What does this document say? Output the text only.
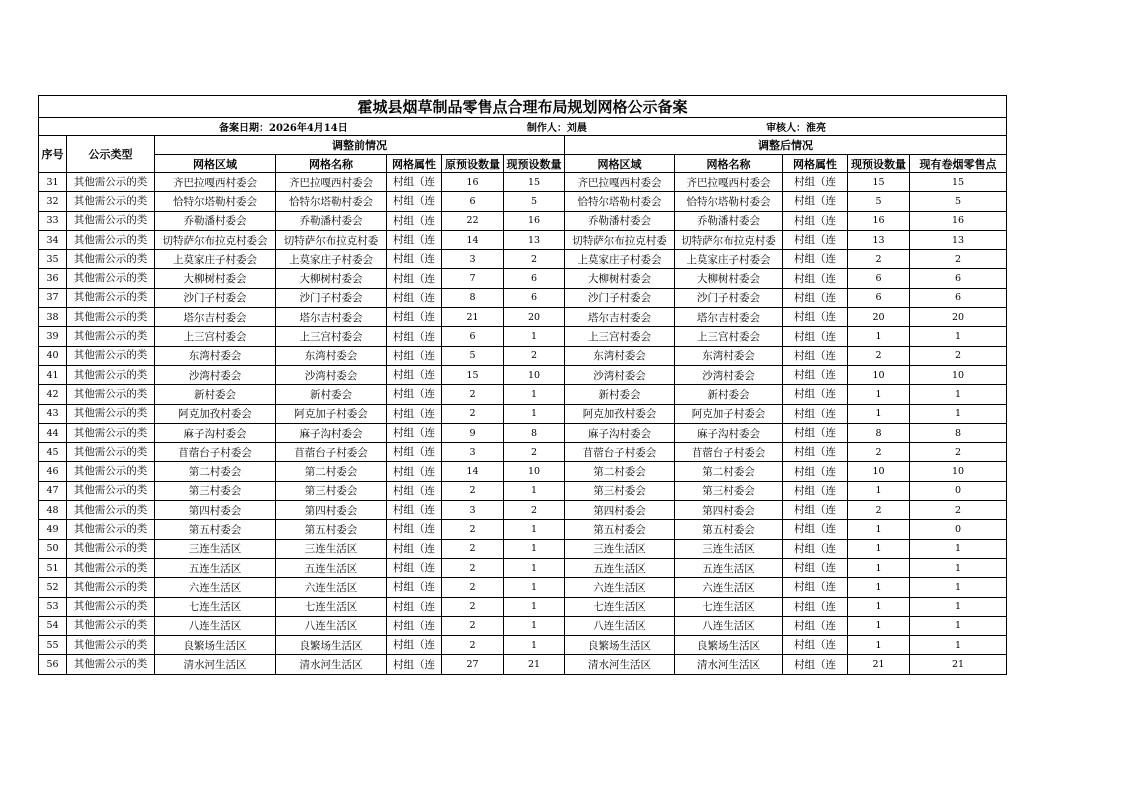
霍城县烟草制品零售点合理布局规划网格公示备案											

备案日期：2026年4月14日 制作人：刘晨 审核人：淮亮											

序号	公示类型	调整前情况					调整后情况				
		网格区域	网格名称	网格属性	原预设数量	现预设数量	网格区域	网格名称	网格属性	现预设数量	现有卷烟零售点
31	其他需公示的类	齐巴拉嘎西村委会	齐巴拉嘎西村委会	村组（连	16	15	齐巴拉嘎西村委会	齐巴拉嘎西村委会	村组（连	15	15
32	其他需公示的类	恰特尔塔勒村委会	恰特尔塔勒村委会	村组（连	6	5	恰特尔塔勒村委会	恰特尔塔勒村委会	村组（连	5	5
33	其他需公示的类	乔勒潘村委会	乔勒潘村委会	村组（连	22	16	乔勒潘村委会	乔勒潘村委会	村组（连	16	16
34	其他需公示的类	切特萨尔布拉克村委会	切特萨尔布拉克村委	村组（连	14	13	切特萨尔布拉克村委	切特萨尔布拉克村委	村组（连	13	13
35	其他需公示的类	上莫家庄子村委会	上莫家庄子村委会	村组（连	3	2	上莫家庄子村委会	上莫家庄子村委会	村组（连	2	2
36	其他需公示的类	大柳树村委会	大柳树村委会	村组（连	7	6	大柳树村委会	大柳树村委会	村组（连	6	6
37	其他需公示的类	沙门子村委会	沙门子村委会	村组（连	8	6	沙门子村委会	沙门子村委会	村组（连	6	6
38	其他需公示的类	塔尔吉村委会	塔尔吉村委会	村组（连	21	20	塔尔吉村委会	塔尔吉村委会	村组（连	20	20
39	其他需公示的类	上三宫村委会	上三宫村委会	村组（连	6	1	上三宫村委会	上三宫村委会	村组（连	1	1
40	其他需公示的类	东湾村委会	东湾村委会	村组（连	5	2	东湾村委会	东湾村委会	村组（连	2	2
41	其他需公示的类	沙湾村委会	沙湾村委会	村组（连	15	10	沙湾村委会	沙湾村委会	村组（连	10	10
42	其他需公示的类	新村委会	新村委会	村组（连	2	1	新村委会	新村委会	村组（连	1	1
43	其他需公示的类	阿克加孜村委会	阿克加子村委会	村组（连	2	1	阿克加孜村委会	阿克加子村委会	村组（连	1	1
44	其他需公示的类	麻子沟村委会	麻子沟村委会	村组（连	9	8	麻子沟村委会	麻子沟村委会	村组（连	8	8
45	其他需公示的类	苜蓿台子村委会	苜蓿台子村委会	村组（连	3	2	苜蓿台子村委会	苜蓿台子村委会	村组（连	2	2
46	其他需公示的类	第二村委会	第二村委会	村组（连	14	10	第二村委会	第二村委会	村组（连	10	10
47	其他需公示的类	第三村委会	第三村委会	村组（连	2	1	第三村委会	第三村委会	村组（连	1	0
48	其他需公示的类	第四村委会	第四村委会	村组（连	3	2	第四村委会	第四村委会	村组（连	2	2
49	其他需公示的类	第五村委会	第五村委会	村组（连	2	1	第五村委会	第五村委会	村组（连	1	0
50	其他需公示的类	三连生活区	三连生活区	村组（连	2	1	三连生活区	三连生活区	村组（连	1	1
51	其他需公示的类	五连生活区	五连生活区	村组（连	2	1	五连生活区	五连生活区	村组（连	1	1
52	其他需公示的类	六连生活区	六连生活区	村组（连	2	1	六连生活区	六连生活区	村组（连	1	1
53	其他需公示的类	七连生活区	七连生活区	村组（连	2	1	七连生活区	七连生活区	村组（连	1	1
54	其他需公示的类	八连生活区	八连生活区	村组（连	2	1	八连生活区	八连生活区	村组（连	1	1
55	其他需公示的类	良繁场生活区	良繁场生活区	村组（连	2	1	良繁场生活区	良繁场生活区	村组（连	1	1
56	其他需公示的类	清水河生活区	清水河生活区	村组（连	27	21	清水河生活区	清水河生活区	村组（连	21	21
